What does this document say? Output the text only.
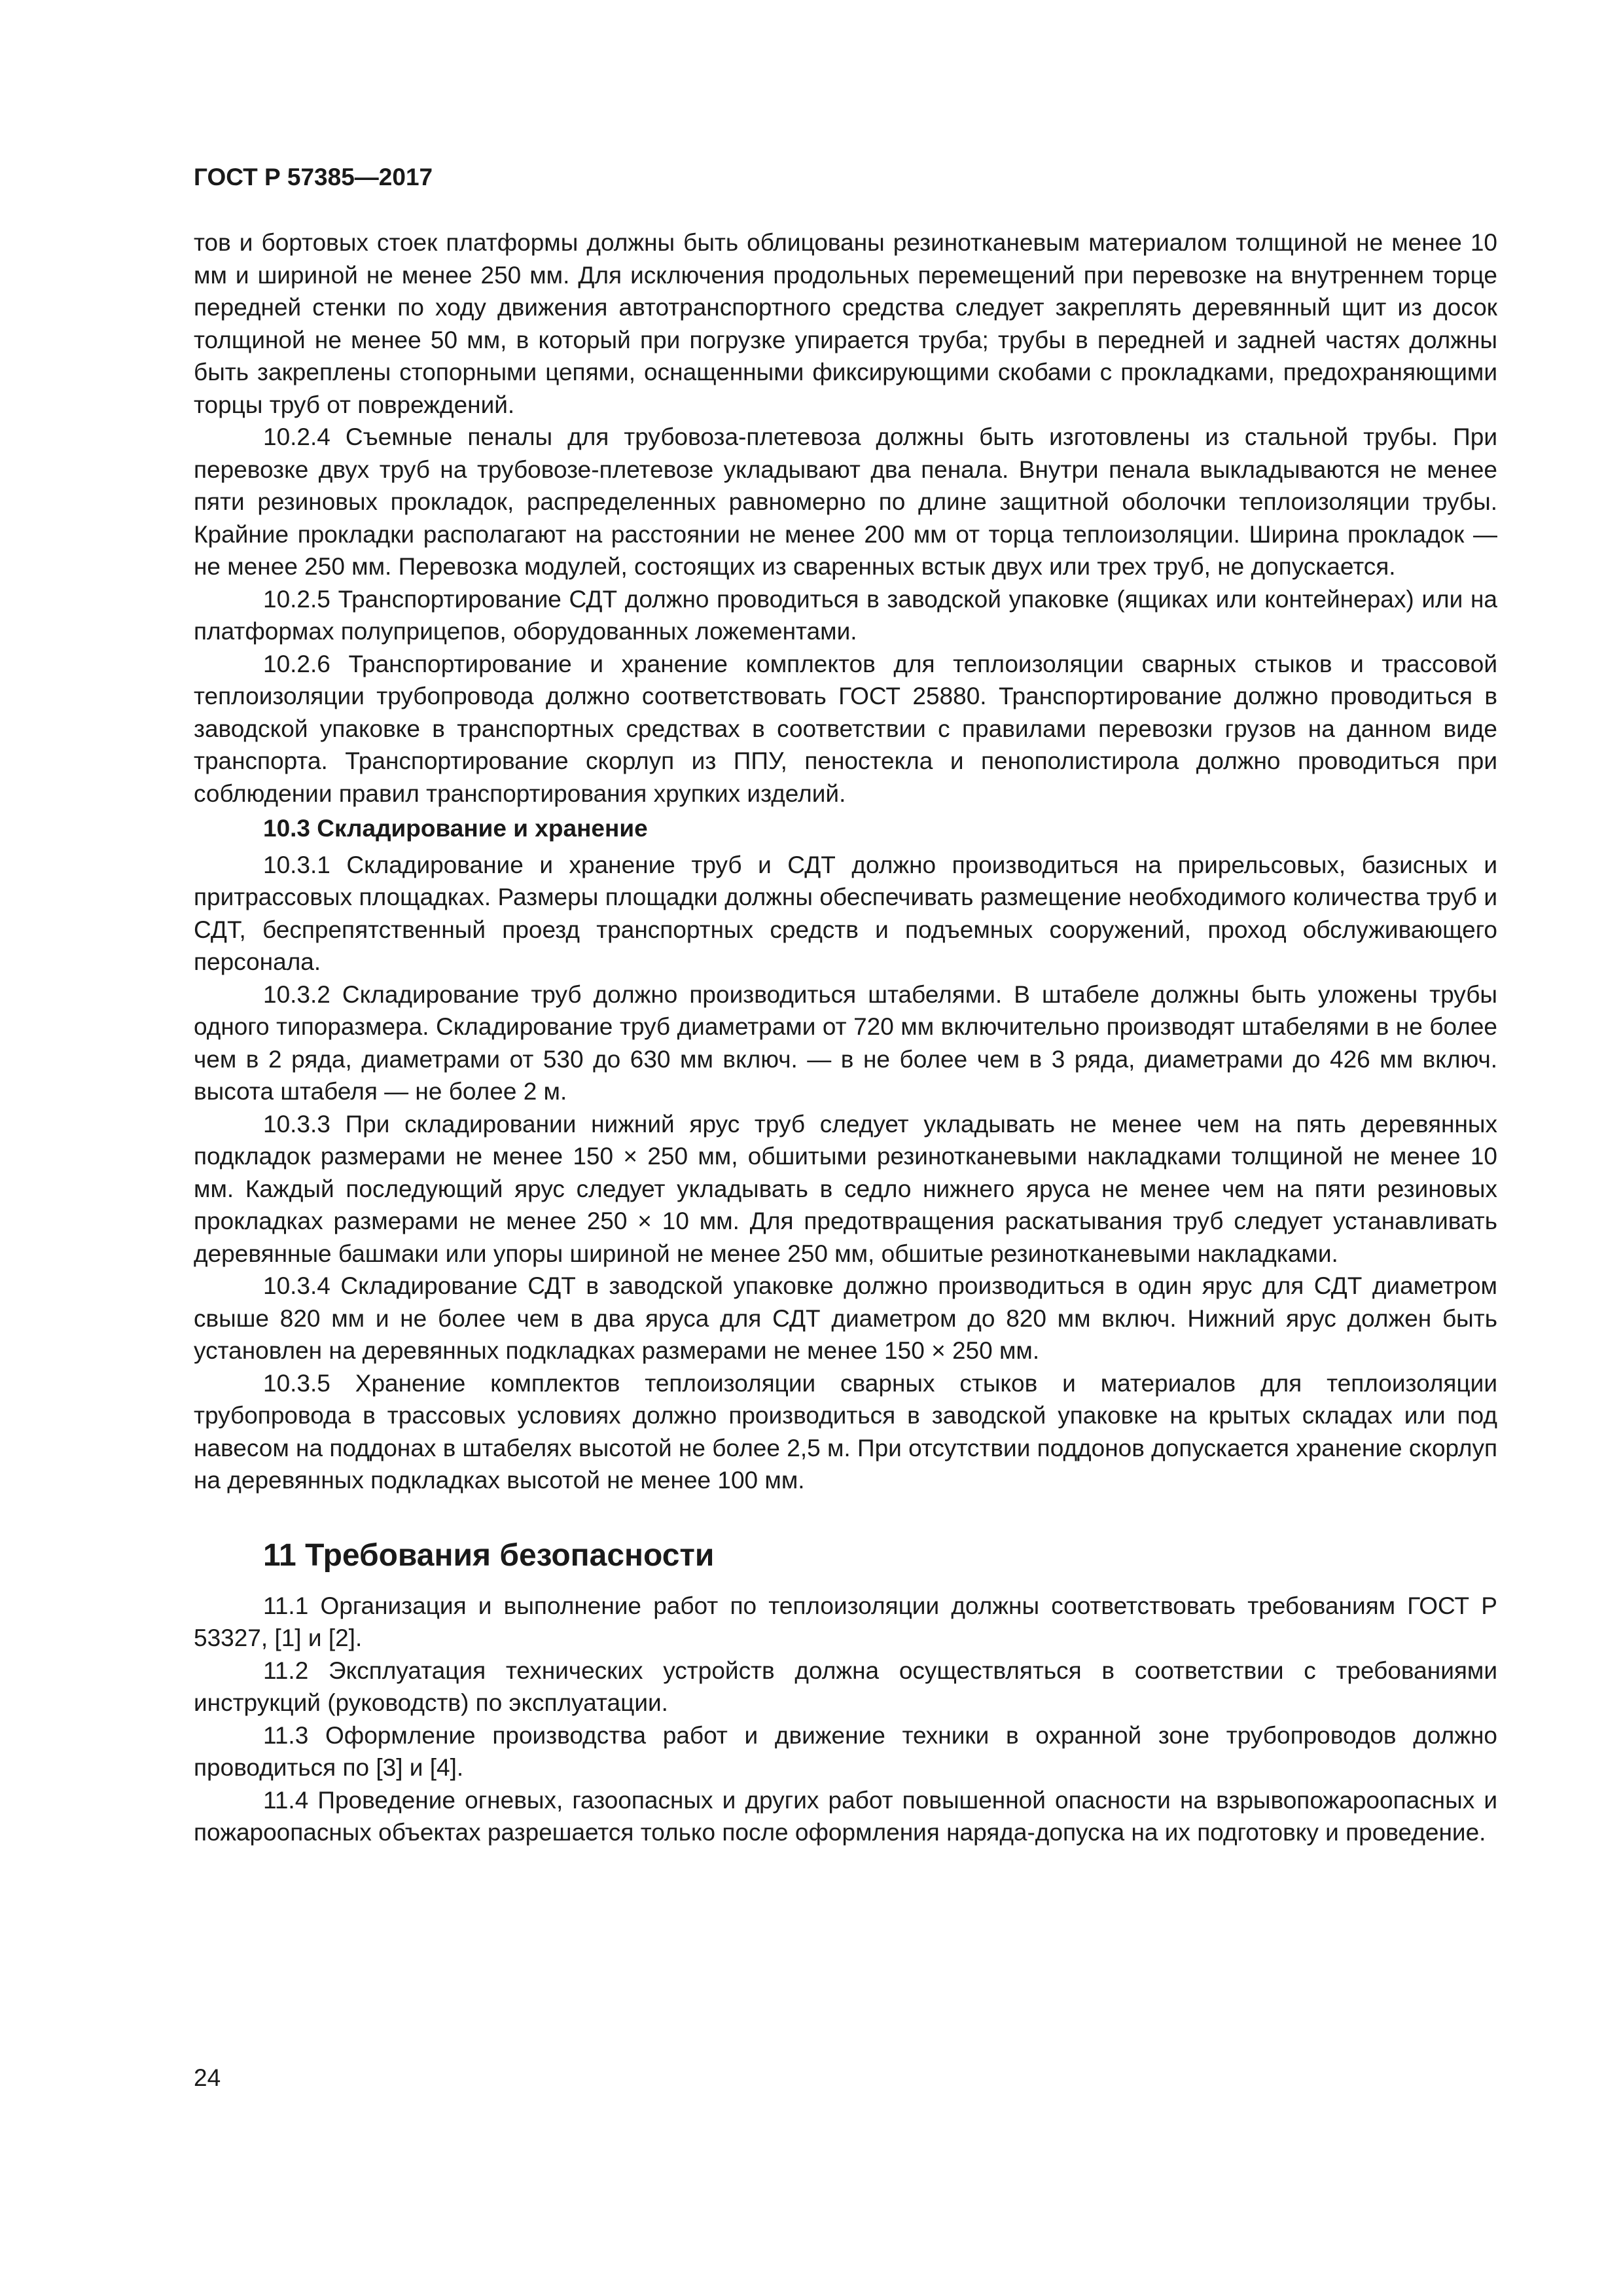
ГОСТ Р 57385—2017

тов и бортовых стоек платформы должны быть облицованы резинотканевым материалом толщиной не менее 10 мм и шириной не менее 250 мм. Для исключения продольных перемещений при перевозке на внутреннем торце передней стенки по ходу движения автотранспортного средства следует закреплять деревянный щит из досок толщиной не менее 50 мм, в который при погрузке упирается труба; трубы в передней и задней частях должны быть закреплены стопорными цепями, оснащенными фиксирующими скобами с прокладками, предохраняющими торцы труб от повреждений.

10.2.4 Съемные пеналы для трубовоза-плетевоза должны быть изготовлены из стальной трубы. При перевозке двух труб на трубовозе-плетевозе укладывают два пенала. Внутри пенала выкладываются не менее пяти резиновых прокладок, распределенных равномерно по длине защитной оболочки теплоизоляции трубы. Крайние прокладки располагают на расстоянии не менее 200 мм от торца теплоизоляции. Ширина прокладок — не менее 250 мм. Перевозка модулей, состоящих из сваренных встык двух или трех труб, не допускается.

10.2.5 Транспортирование СДТ должно проводиться в заводской упаковке (ящиках или контейнерах) или на платформах полуприцепов, оборудованных ложементами.

10.2.6 Транспортирование и хранение комплектов для теплоизоляции сварных стыков и трассовой теплоизоляции трубопровода должно соответствовать ГОСТ 25880. Транспортирование должно проводиться в заводской упаковке в транспортных средствах в соответствии с правилами перевозки грузов на данном виде транспорта. Транспортирование скорлуп из ППУ, пеностекла и пенополистирола должно проводиться при соблюдении правил транспортирования хрупких изделий.

10.3 Складирование и хранение

10.3.1 Складирование и хранение труб и СДТ должно производиться на прирельсовых, базисных и притрассовых площадках. Размеры площадки должны обеспечивать размещение необходимого количества труб и СДТ, беспрепятственный проезд транспортных средств и подъемных сооружений, проход обслуживающего персонала.

10.3.2 Складирование труб должно производиться штабелями. В штабеле должны быть уложены трубы одного типоразмера. Складирование труб диаметрами от 720 мм включительно производят штабелями в не более чем в 2 ряда, диаметрами от 530 до 630 мм включ. — в не более чем в 3 ряда, диаметрами до 426 мм включ. высота штабеля — не более 2 м.

10.3.3 При складировании нижний ярус труб следует укладывать не менее чем на пять деревянных подкладок размерами не менее 150 × 250 мм, обшитыми резинотканевыми накладками толщиной не менее 10 мм. Каждый последующий ярус следует укладывать в седло нижнего яруса не менее чем на пяти резиновых прокладках размерами не менее 250 × 10 мм. Для предотвращения раскатывания труб следует устанавливать деревянные башмаки или упоры шириной не менее 250 мм, обшитые резинотканевыми накладками.

10.3.4 Складирование СДТ в заводской упаковке должно производиться в один ярус для СДТ диаметром свыше 820 мм и не более чем в два яруса для СДТ диаметром до 820 мм включ. Нижний ярус должен быть установлен на деревянных подкладках размерами не менее 150 × 250 мм.

10.3.5 Хранение комплектов теплоизоляции сварных стыков и материалов для теплоизоляции трубопровода в трассовых условиях должно производиться в заводской упаковке на крытых складах или под навесом на поддонах в штабелях высотой не более 2,5 м. При отсутствии поддонов допускается хранение скорлуп на деревянных подкладках высотой не менее 100 мм.

11 Требования безопасности

11.1 Организация и выполнение работ по теплоизоляции должны соответствовать требованиям ГОСТ Р 53327, [1] и [2].

11.2 Эксплуатация технических устройств должна осуществляться в соответствии с требованиями инструкций (руководств) по эксплуатации.

11.3 Оформление производства работ и движение техники в охранной зоне трубопроводов должно проводиться по [3] и [4].

11.4 Проведение огневых, газоопасных и других работ повышенной опасности на взрывопожароопасных и пожароопасных объектах разрешается только после оформления наряда-допуска на их подготовку и проведение.

24
